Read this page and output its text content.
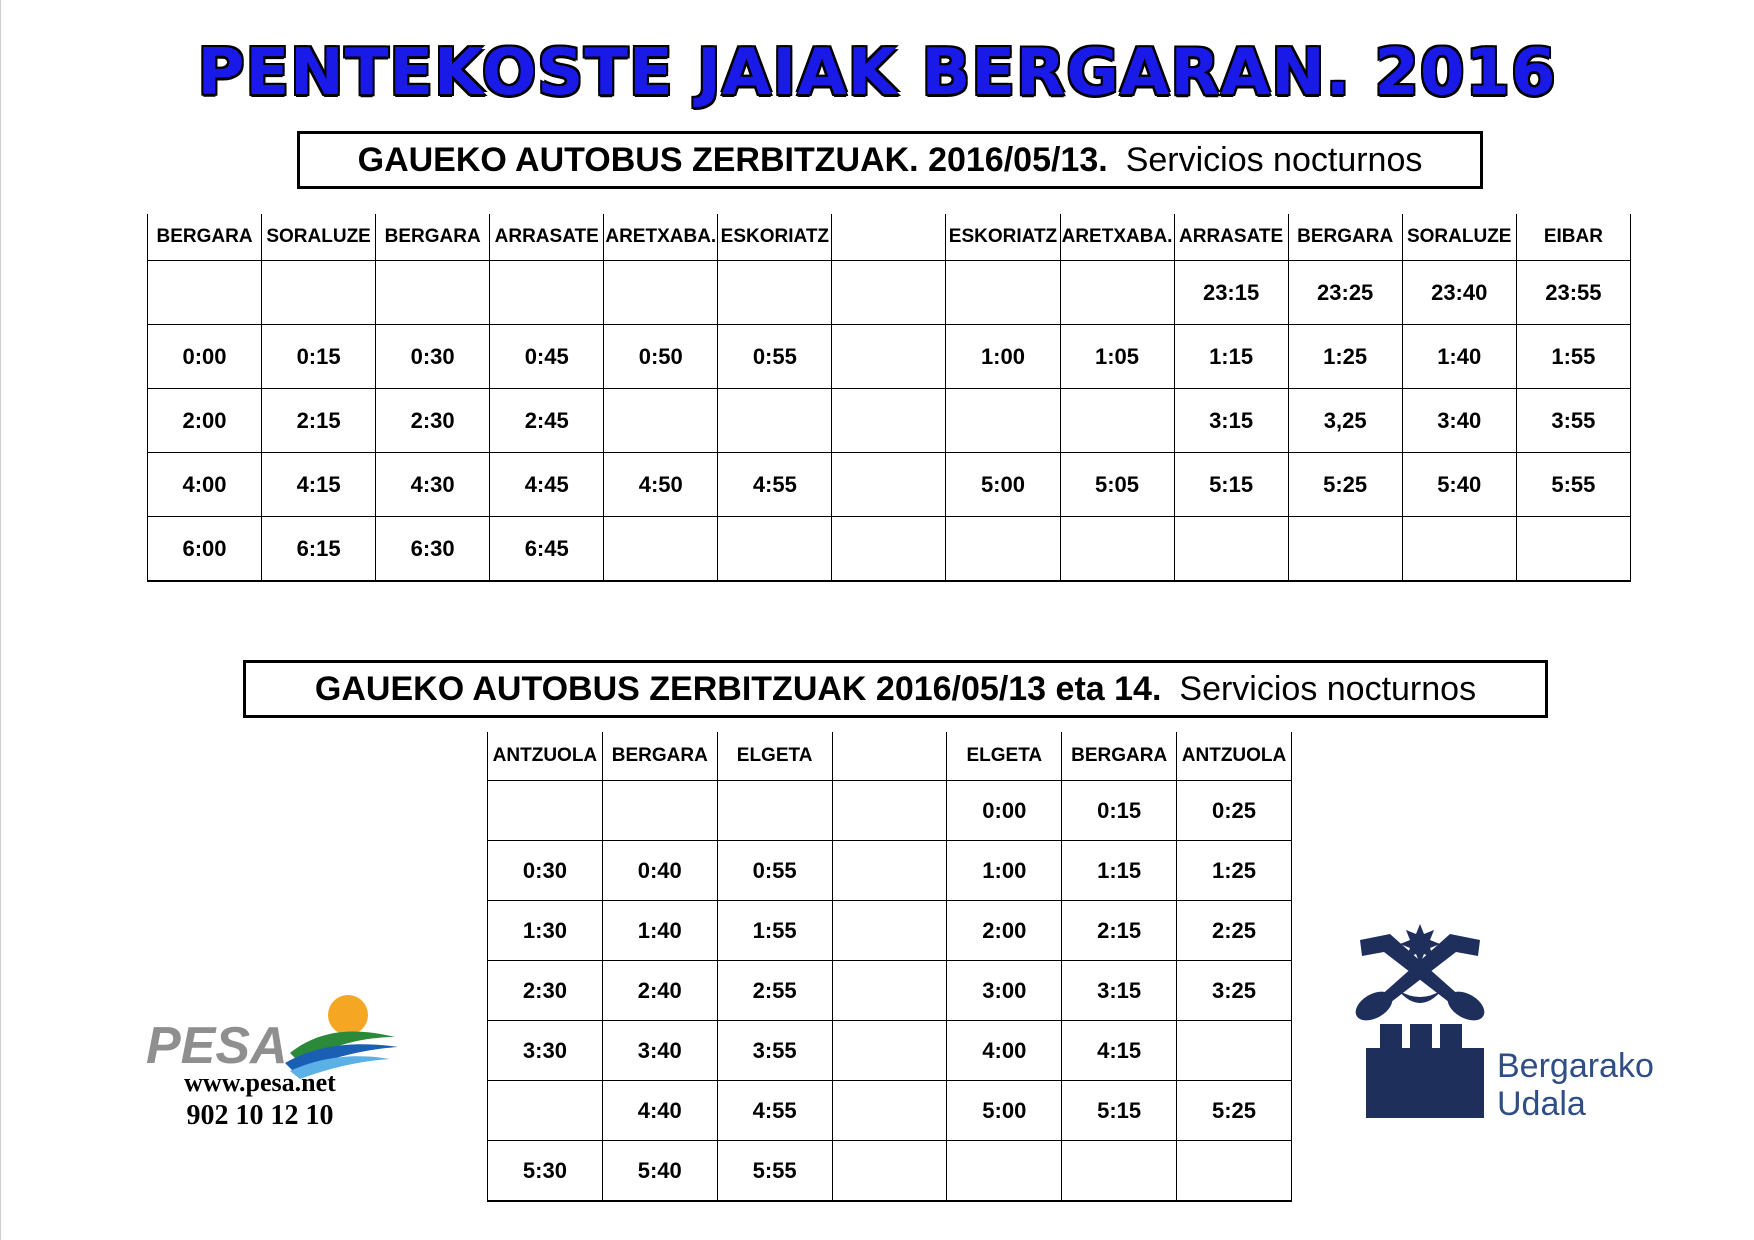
PENTEKOSTE JAIAK BERGARAN. 2016
GAUEKO AUTOBUS ZERBITZUAK. 2016/05/13. Servicios nocturnos
BERGARA	SORALUZE	BERGARA	ARRASATE	ARETXABA.	ESKORIATZ		ESKORIATZ	ARETXABA.	ARRASATE	BERGARA	SORALUZE	EIBAR
									23:15	23:25	23:40	23:55
0:00	0:15	0:30	0:45	0:50	0:55		1:00	1:05	1:15	1:25	1:40	1:55
2:00	2:15	2:30	2:45						3:15	3,25	3:40	3:55
4:00	4:15	4:30	4:45	4:50	4:55		5:00	5:05	5:15	5:25	5:40	5:55
6:00	6:15	6:30	6:45									
GAUEKO AUTOBUS ZERBITZUAK 2016/05/13 eta 14. Servicios nocturnos
ANTZUOLA	BERGARA	ELGETA		ELGETA	BERGARA	ANTZUOLA
				0:00	0:15	0:25
0:30	0:40	0:55		1:00	1:15	1:25
1:30	1:40	1:55		2:00	2:15	2:25
2:30	2:40	2:55		3:00	3:15	3:25
3:30	3:40	3:55		4:00	4:15	
	4:40	4:55		5:00	5:15	5:25
5:30	5:40	5:55				
PESA
www.pesa.net
902 10 12 10
Bergarako
Udala
